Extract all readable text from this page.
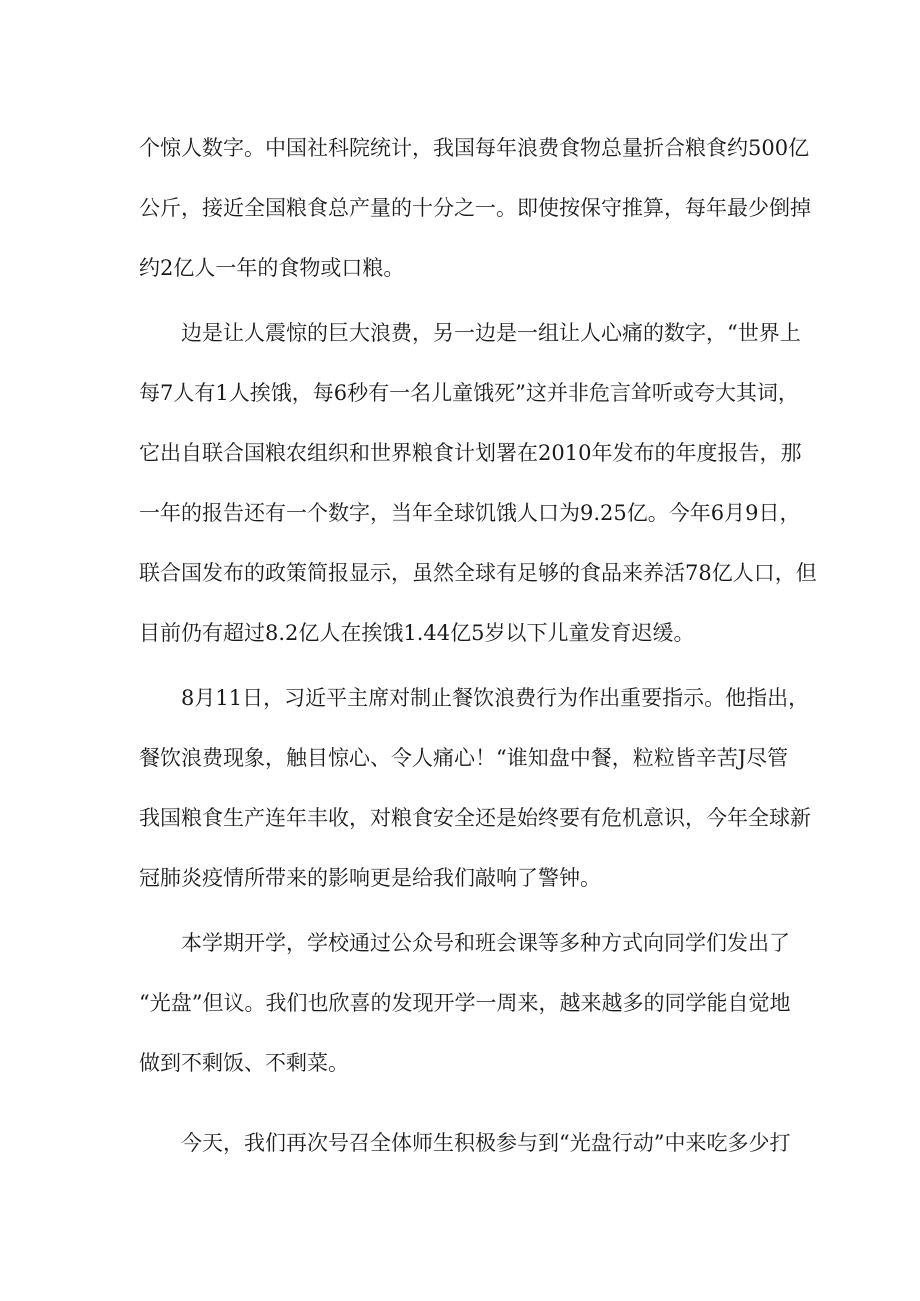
个惊人数字。中国社科院统计，我国每年浪费食物总量折合粮食约500亿

公斤，接近全国粮食总产量的十分之一。即使按保守推算，每年最少倒掉

约2亿人一年的食物或口粮。

边是让人震惊的巨大浪费，另一边是一组让人心痛的数字，“世界上

每7人有1人挨饿，每6秒有一名儿童饿死”这并非危言耸听或夸大其词，

它出自联合国粮农组织和世界粮食计划署在2010年发布的年度报告，那

一年的报告还有一个数字，当年全球饥饿人口为9.25亿。今年6月9日，

联合国发布的政策简报显示，虽然全球有足够的食品来养活78亿人口，但

目前仍有超过8.2亿人在挨饿1.44亿5岁以下儿童发育迟缓。

8月11日，习近平主席对制止餐饮浪费行为作出重要指示。他指出，

餐饮浪费现象，触目惊心、令人痛心！“谁知盘中餐，粒粒皆辛苦J尽管

我国粮食生产连年丰收，对粮食安全还是始终要有危机意识，今年全球新

冠肺炎疫情所带来的影响更是给我们敲响了警钟。

本学期开学，学校通过公众号和班会课等多种方式向同学们发出了

“光盘”但议。我们也欣喜的发现开学一周来，越来越多的同学能自觉地

做到不剩饭、不剩菜。

今天，我们再次号召全体师生积极参与到“光盘行动”中来吃多少打
